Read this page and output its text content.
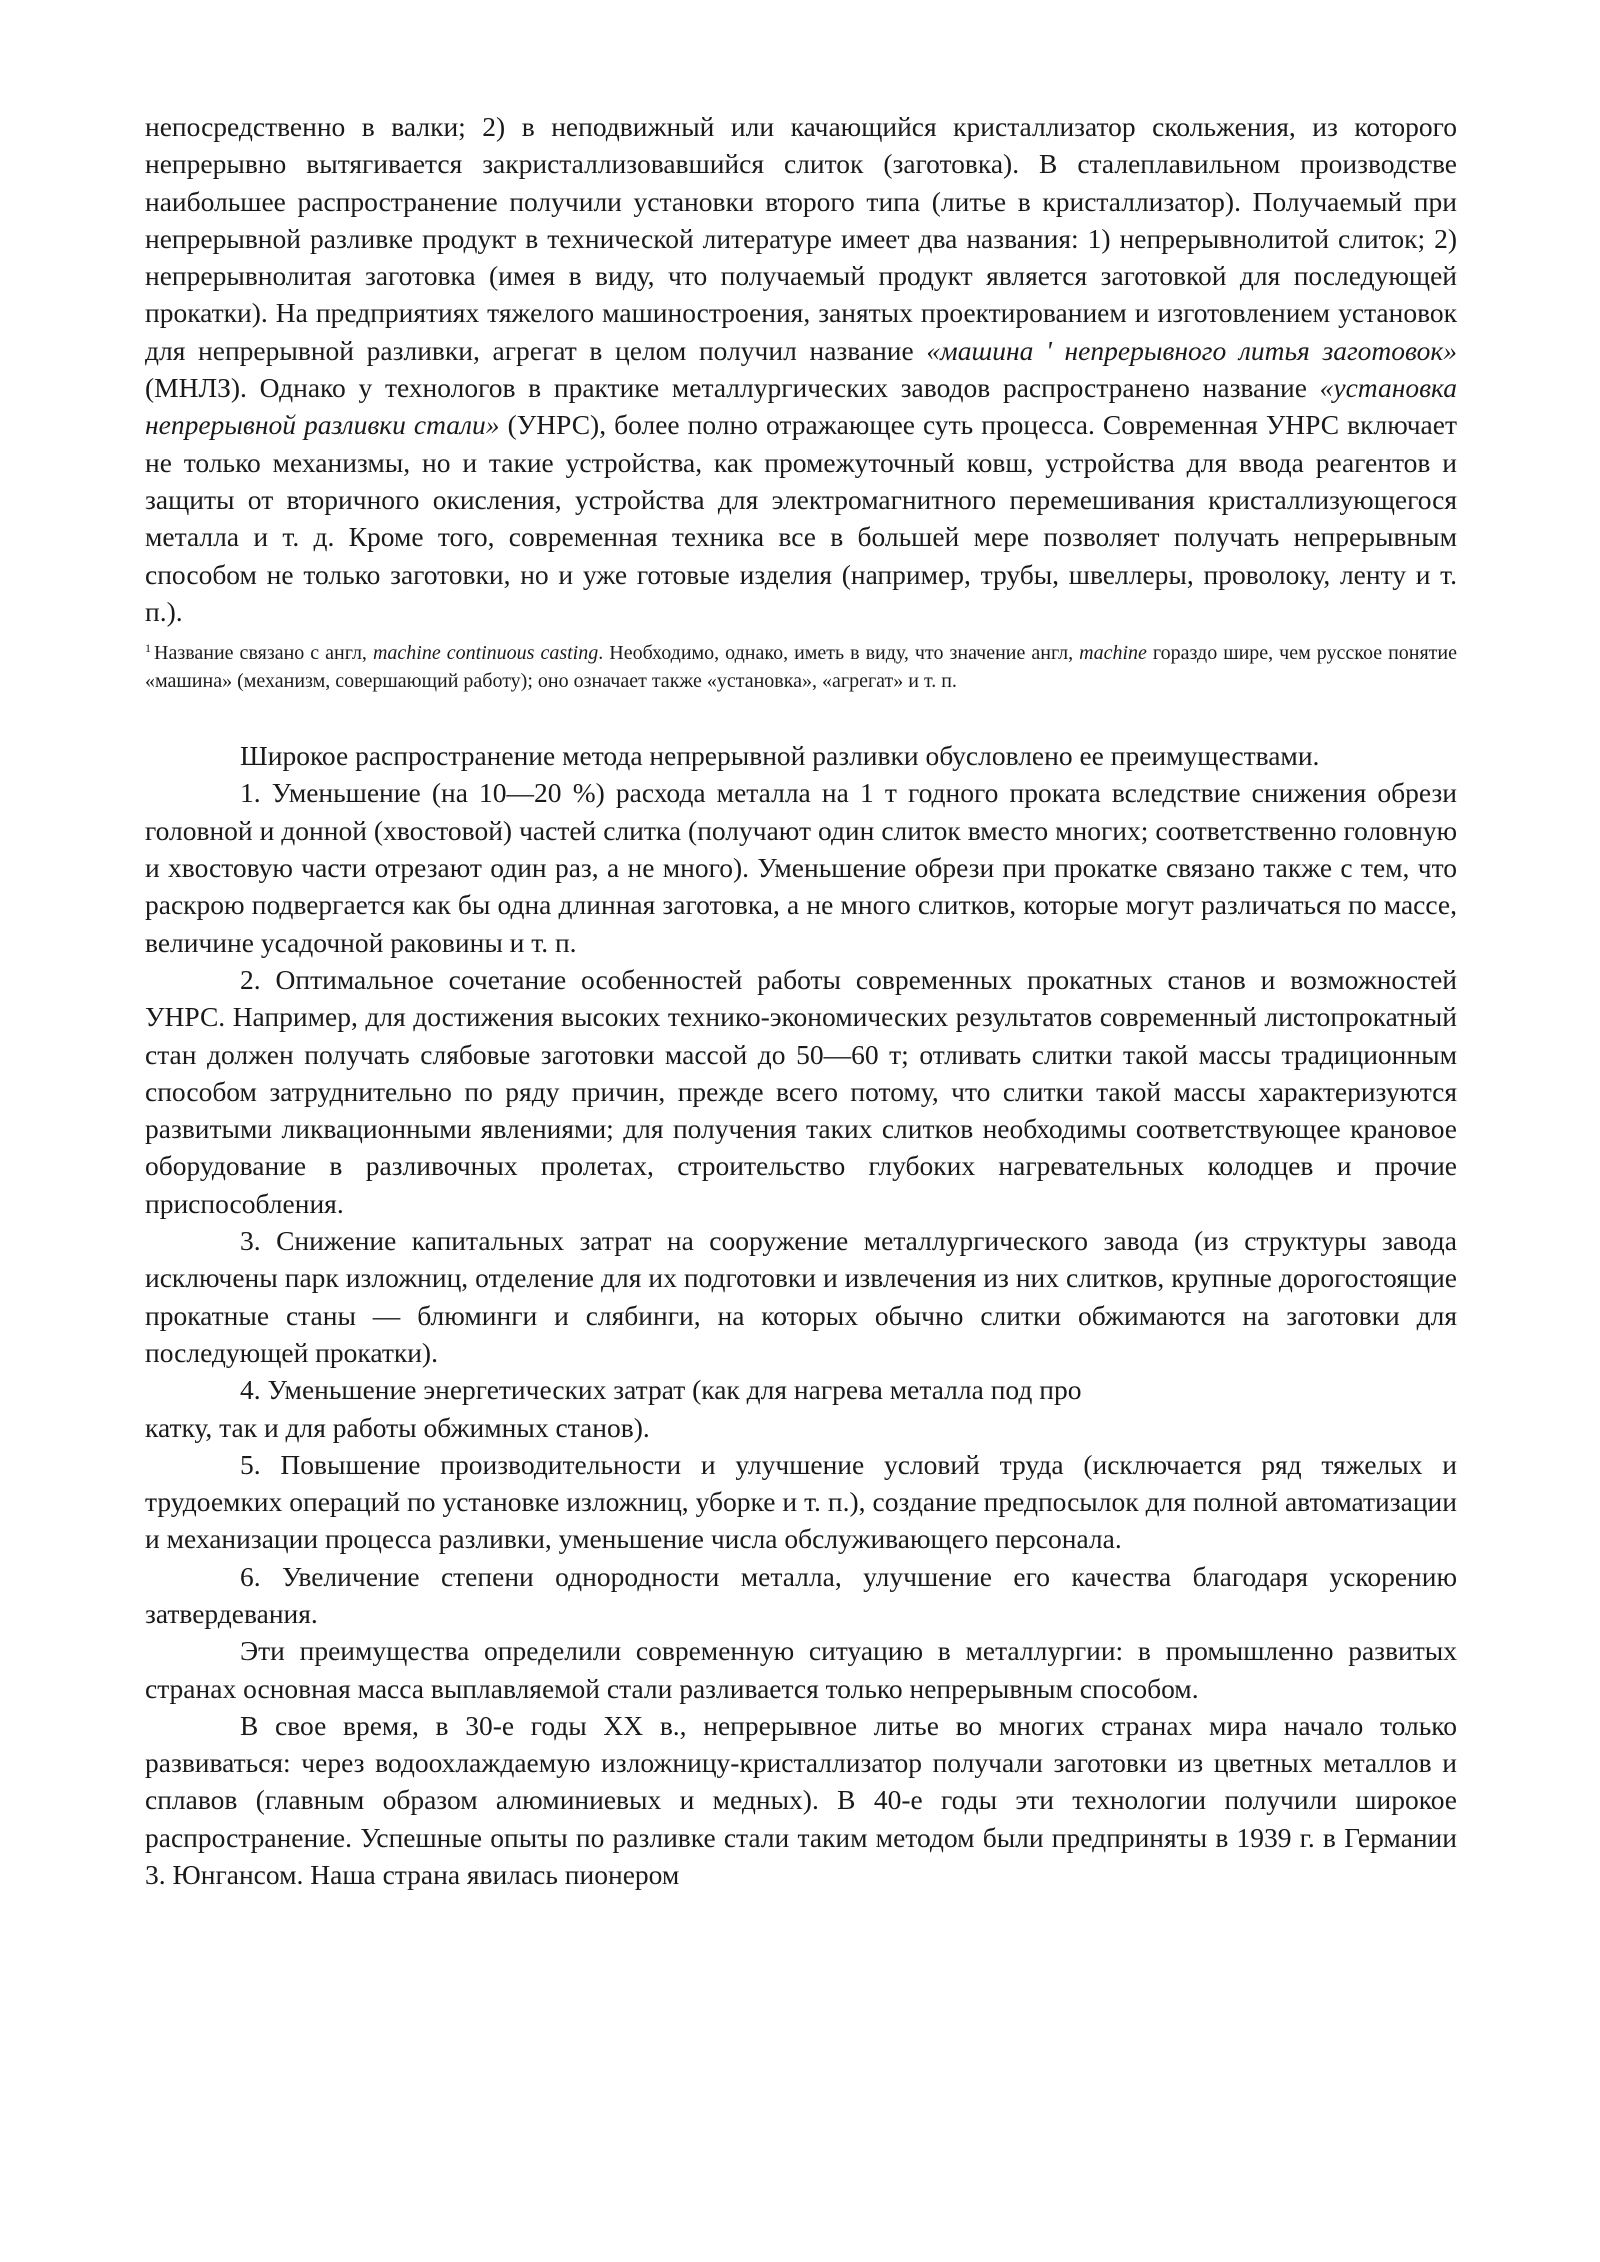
непосредственно в валки; 2) в неподвижный или качающийся кристаллизатор скольжения, из которого непрерывно вытягивается закристаллизовавшийся слиток (заготовка). В сталеплавильном производстве наибольшее распространение получили установки второго типа (литье в кристаллизатор). Получаемый при непрерывной разливке продукт в технической литературе имеет два названия: 1) непрерывнолитой слиток; 2) непрерывнолитая заготовка (имея в виду, что получаемый продукт является заготовкой для последующей прокатки). На предприятиях тяжелого машиностроения, занятых проектированием и изготовлением установок для непрерывной разливки, агрегат в целом получил название «машина ' непрерывного литья заготовок» (МНЛЗ). Однако у технологов в практике металлургических заводов распространено название «установка непрерывной разливки стали» (УНРС), более полно отражающее суть процесса. Современная УНРС включает не только механизмы, но и такие устройства, как промежуточный ковш, устройства для ввода реагентов и защиты от вторичного окисления, устройства для электромагнитного перемешивания кристаллизующегося металла и т. д. Кроме того, современная техника все в большей мере позволяет получать непрерывным способом не только заготовки, но и уже готовые изделия (например, трубы, швеллеры, проволоку, ленту и т. п.).

$^1$ Название связано с англ, machine continuous casting. Необходимо, однако, иметь в виду, что значение англ, machine гораздо шире, чем русское понятие «машина» (механизм, совершающий работу); оно означает также «установка», «агрегат» и т. п.

Широкое распространение метода непрерывной разливки обусловлено ее преимуществами.

1. Уменьшение (на 10—20 %) расхода металла на 1 т годного проката вследствие снижения обрези головной и донной (хвостовой) частей слитка (получают один слиток вместо многих; соответственно головную и хвостовую части отрезают один раз, а не много). Уменьшение обрези при прокатке связано также с тем, что раскрою подвергается как бы одна длинная заготовка, а не много слитков, которые могут различаться по массе, величине усадочной раковины и т. п.

2. Оптимальное сочетание особенностей работы современных прокатных станов и возможностей УНРС. Например, для достижения высоких технико-экономических результатов современный листопрокатный стан должен получать слябовые заготовки массой до 50—60 т; отливать слитки такой массы традиционным способом затруднительно по ряду причин, прежде всего потому, что слитки такой массы характеризуются развитыми ликвационными явлениями; для получения таких слитков необходимы соответствующее крановое оборудование в разливочных пролетах, строительство глубоких нагревательных колодцев и прочие приспособления.

3. Снижение капитальных затрат на сооружение металлургического завода (из структуры завода исключены парк изложниц, отделение для их подготовки и извлечения из них слитков, крупные дорогостоящие прокатные станы — блюминги и слябинги, на которых обычно слитки обжимаются на заготовки для последующей прокатки).

4. Уменьшение энергетических затрат (как для нагрева металла под про
катку, так и для работы обжимных станов).

5. Повышение производительности и улучшение условий труда (исключается ряд тяжелых и трудоемких операций по установке изложниц, уборке и т. п.), создание предпосылок для полной автоматизации и механизации процесса разливки, уменьшение числа обслуживающего персонала.

6. Увеличение степени однородности металла, улучшение его качества благодаря ускорению затвердевания.

Эти преимущества определили современную ситуацию в металлургии: в промышленно развитых странах основная масса выплавляемой стали разливается только непрерывным способом.

В свое время, в 30-е годы XX в., непрерывное литье во многих странах мира начало только развиваться: через водоохлаждаемую изложницу-кристаллизатор получали заготовки из цветных металлов и сплавов (главным образом алюминиевых и медных). В 40-е годы эти технологии получили широкое распространение. Успешные опыты по разливке стали таким методом были предприняты в 1939 г. в Германии 3. Юнгансом. Наша страна явилась пионером
